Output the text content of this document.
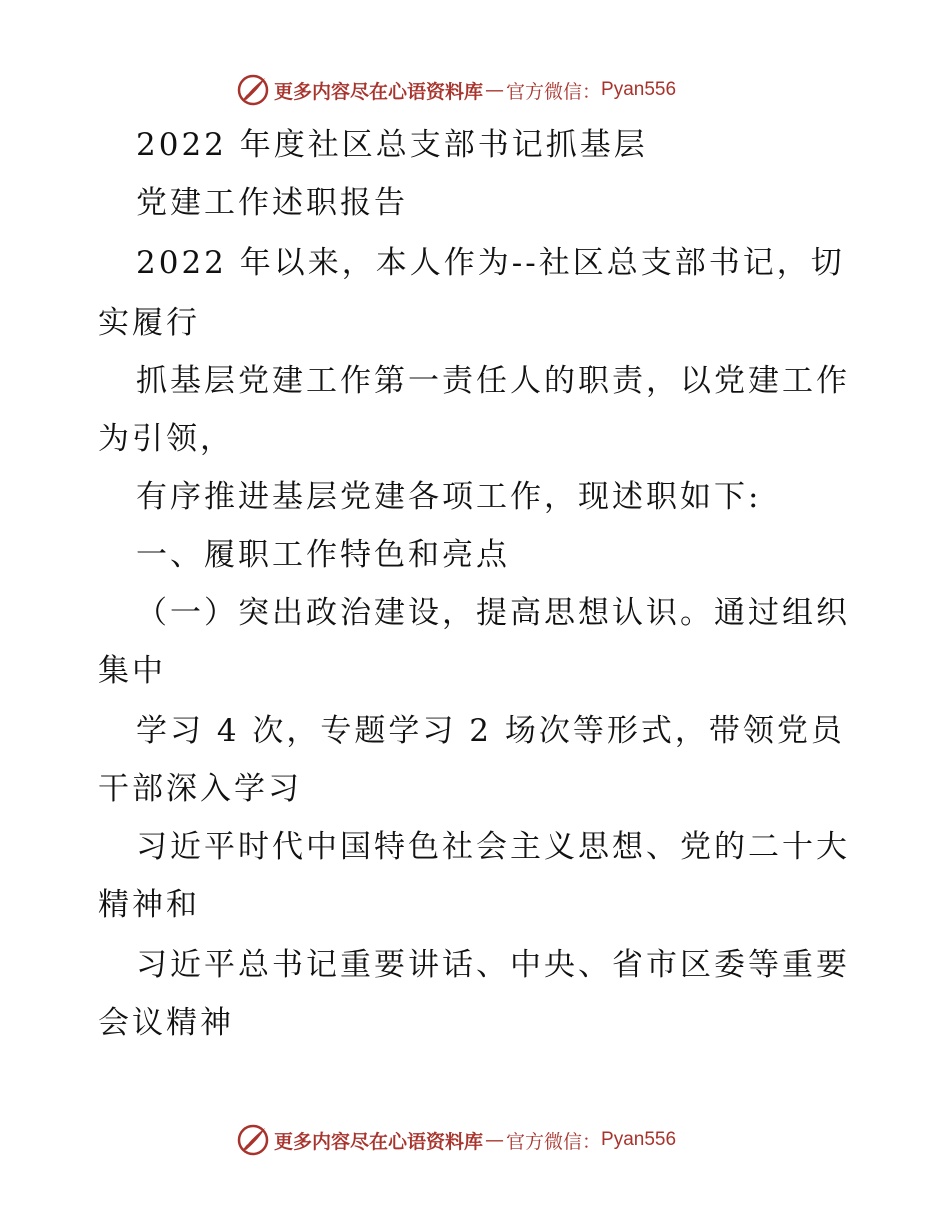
更多内容尽在心语资料库 — 官方微信： Pyan556
2022 年度社区总支部书记抓基层
党建工作述职报告
2022 年以来，本人作为--社区总支部书记，切
实履行
抓基层党建工作第一责任人的职责，以党建工作
为引领，
有序推进基层党建各项工作，现述职如下:
一、履职工作特色和亮点
（一）突出政治建设，提高思想认识。通过组织
集中
学习 4 次，专题学习 2 场次等形式，带领党员
干部深入学习
习近平时代中国特色社会主义思想、党的二十大
精神和
习近平总书记重要讲话、中央、省市区委等重要
会议精神
更多内容尽在心语资料库 — 官方微信： Pyan556
